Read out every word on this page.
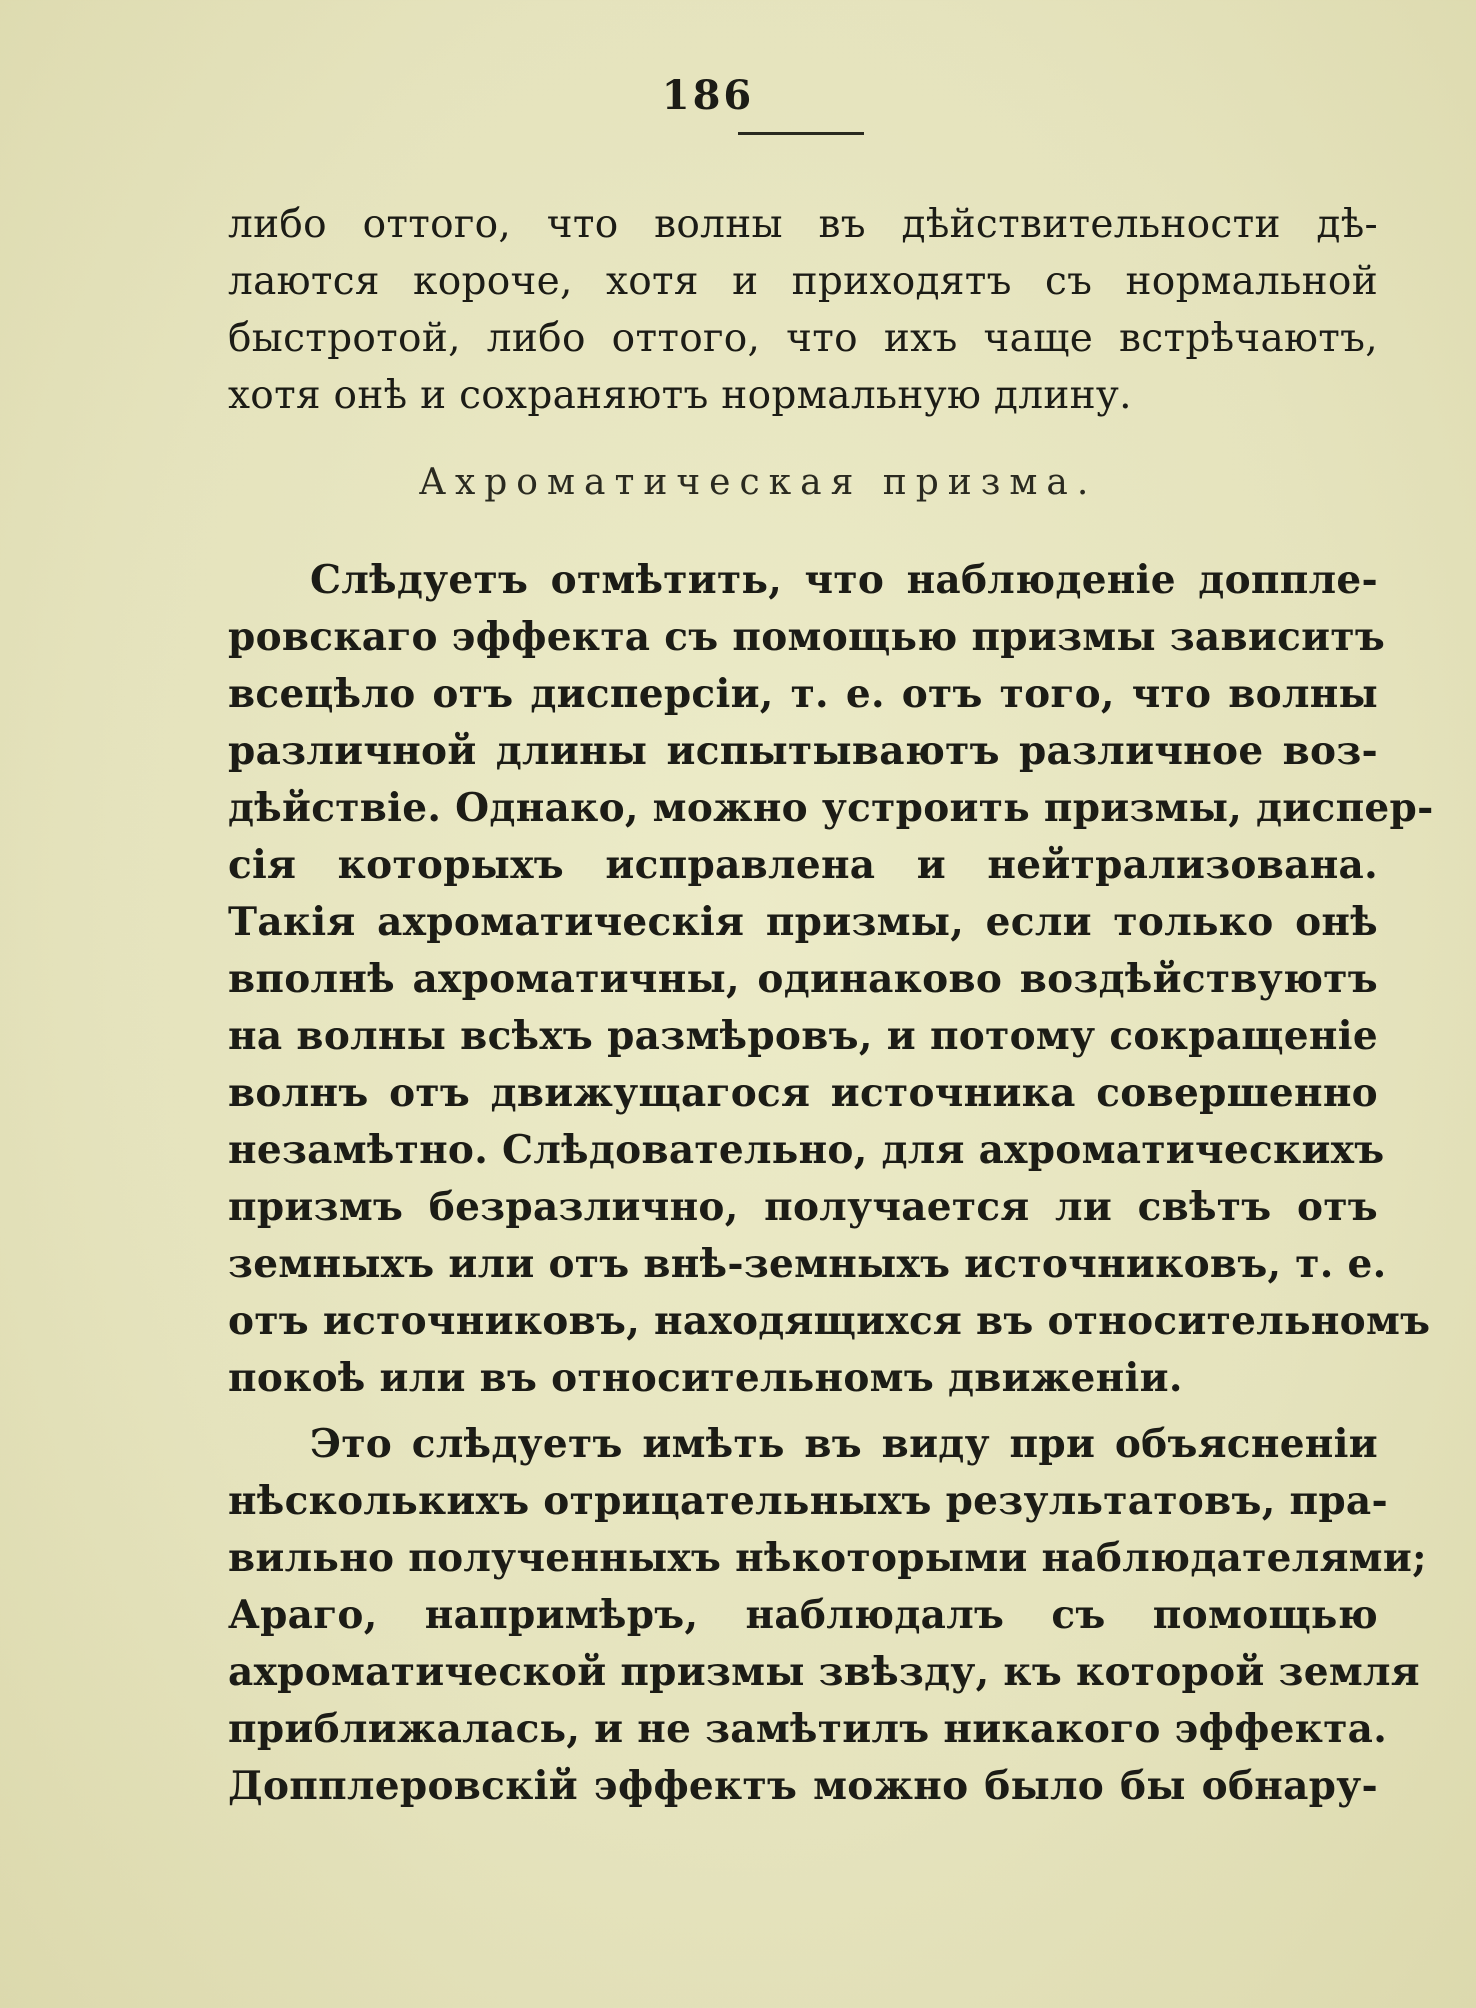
186
либо оттого, что волны въ дѣйствительности дѣ-
лаются короче, хотя и приходятъ съ нормальной
быстротой, либо оттого, что ихъ чаще встрѣчаютъ,
хотя онѣ и сохраняютъ нормальную длину.
Ахроматическая призма.
Слѣдуетъ отмѣтить, что наблюденіе доппле-
ровскаго эффекта съ помощью призмы зависитъ
всецѣло отъ дисперсіи, т. е. отъ того, что волны
различной длины испытываютъ различное воз-
дѣйствіе. Однако, можно устроить призмы, диспер-
сія которыхъ исправлена и нейтрализована.
Такія ахроматическія призмы, если только онѣ
вполнѣ ахроматичны, одинаково воздѣйствуютъ
на волны всѣхъ размѣровъ, и потому сокращеніе
волнъ отъ движущагося источника совершенно
незамѣтно. Слѣдовательно, для ахроматическихъ
призмъ безразлично, получается ли свѣтъ отъ
земныхъ или отъ внѣ-земныхъ источниковъ, т. е.
отъ источниковъ, находящихся въ относительномъ
покоѣ или въ относительномъ движеніи.
Это слѣдуетъ имѣть въ виду при объясненіи
нѣсколькихъ отрицательныхъ результатовъ, пра-
вильно полученныхъ нѣкоторыми наблюдателями;
Араго, напримѣръ, наблюдалъ съ помощью
ахроматической призмы звѣзду, къ которой земля
приближалась, и не замѣтилъ никакого эффекта.
Допплеровскій эффектъ можно было бы обнару-
